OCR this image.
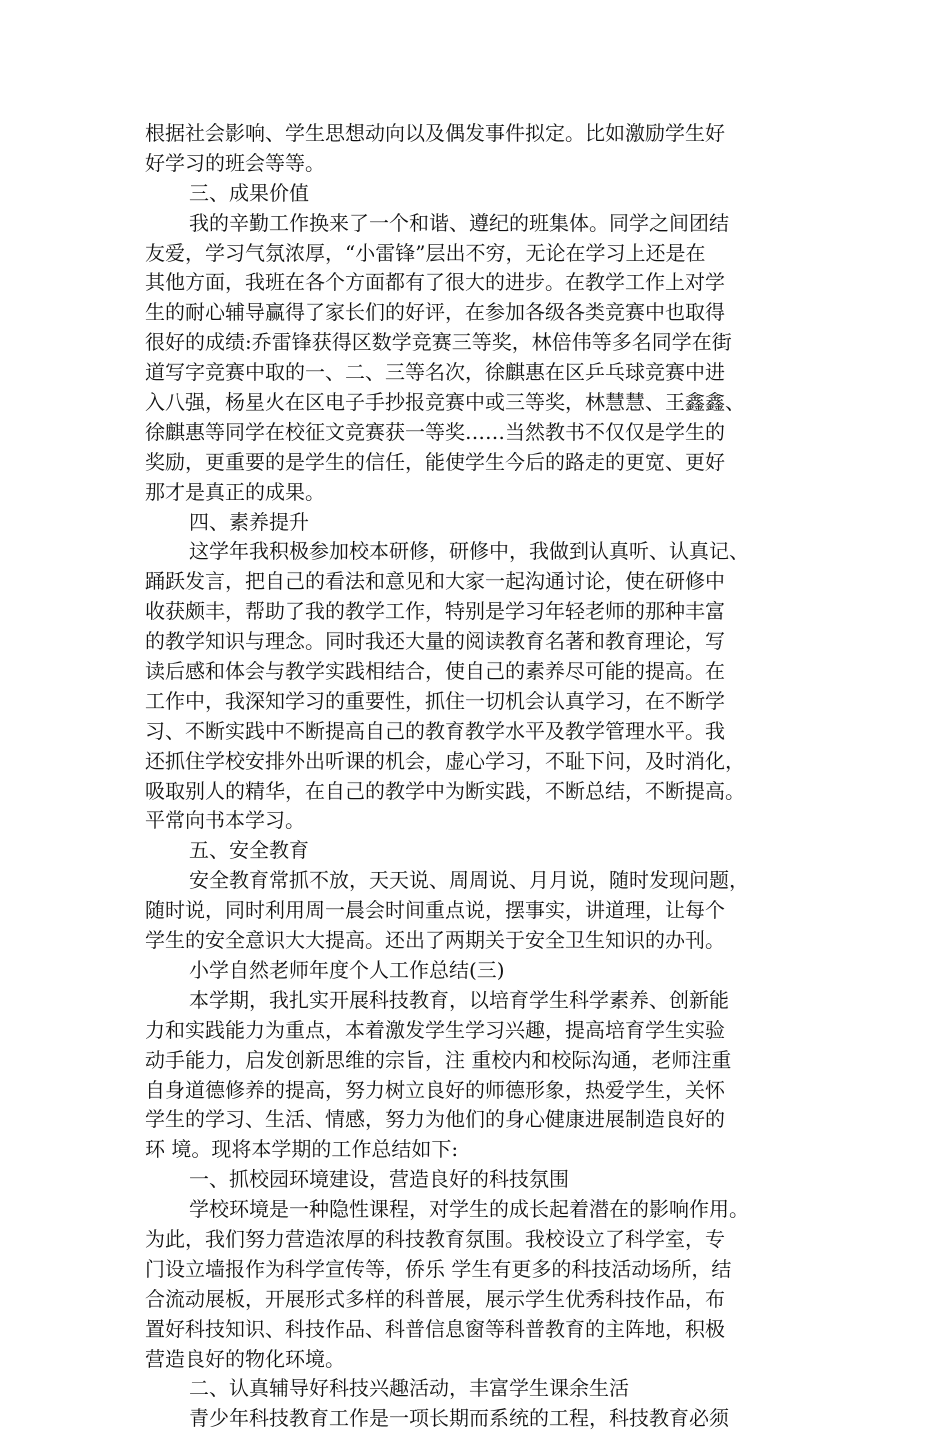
根据社会影响、学生思想动向以及偶发事件拟定。比如激励学生好
好学习的班会等等。
三、成果价值
我的辛勤工作换来了一个和谐、遵纪的班集体。同学之间团结
友爱，学习气氛浓厚，“小雷锋”层出不穷，无论在学习上还是在
其他方面，我班在各个方面都有了很大的进步。在教学工作上对学
生的耐心辅导赢得了家长们的好评，在参加各级各类竞赛中也取得
很好的成绩:乔雷锋获得区数学竞赛三等奖，林倍伟等多名同学在街
道写字竞赛中取的一、二、三等名次，徐麒惠在区乒乓球竞赛中进
入八强，杨星火在区电子手抄报竞赛中或三等奖，林慧慧、王鑫鑫、
徐麒惠等同学在校征文竞赛获一等奖……当然教书不仅仅是学生的
奖励，更重要的是学生的信任，能使学生今后的路走的更宽、更好
那才是真正的成果。
四、素养提升
这学年我积极参加校本研修，研修中，我做到认真听、认真记、
踊跃发言，把自己的看法和意见和大家一起沟通讨论，使在研修中
收获颇丰，帮助了我的教学工作，特别是学习年轻老师的那种丰富
的教学知识与理念。同时我还大量的阅读教育名著和教育理论，写
读后感和体会与教学实践相结合，使自己的素养尽可能的提高。在
工作中，我深知学习的重要性，抓住一切机会认真学习，在不断学
习、不断实践中不断提高自己的教育教学水平及教学管理水平。我
还抓住学校安排外出听课的机会，虚心学习，不耻下问，及时消化，
吸取别人的精华，在自己的教学中为断实践，不断总结，不断提高。
平常向书本学习。
五、安全教育
安全教育常抓不放，天天说、周周说、月月说，随时发现问题，
随时说，同时利用周一晨会时间重点说，摆事实，讲道理，让每个
学生的安全意识大大提高。还出了两期关于安全卫生知识的办刊。
小学自然老师年度个人工作总结(三)
本学期，我扎实开展科技教育，以培育学生科学素养、创新能
力和实践能力为重点，本着激发学生学习兴趣，提高培育学生实验
动手能力，启发创新思维的宗旨，注 重校内和校际沟通，老师注重
自身道德修养的提高，努力树立良好的师德形象，热爱学生，关怀
学生的学习、生活、情感，努力为他们的身心健康进展制造良好的
环 境。现将本学期的工作总结如下:
一、抓校园环境建设，营造良好的科技氛围
学校环境是一种隐性课程，对学生的成长起着潜在的影响作用。
为此，我们努力营造浓厚的科技教育氛围。我校设立了科学室，专
门设立墙报作为科学宣传等，侨乐 学生有更多的科技活动场所，结
合流动展板，开展形式多样的科普展，展示学生优秀科技作品，布
置好科技知识、科技作品、科普信息窗等科普教育的主阵地，积极
营造良好的物化环境。
二、认真辅导好科技兴趣活动，丰富学生课余生活
青少年科技教育工作是一项长期而系统的工程，科技教育必须
